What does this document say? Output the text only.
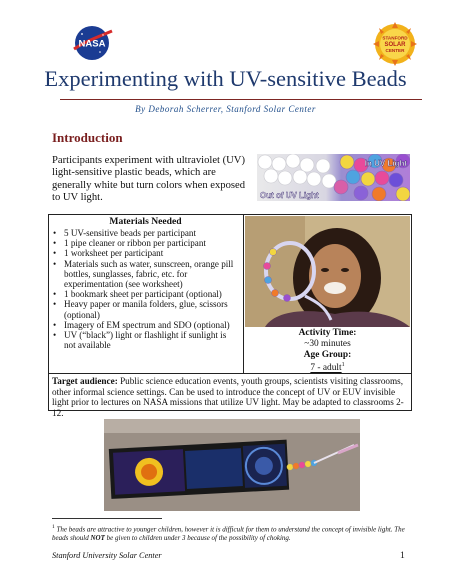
NASA
STANFORD
SOLAR
CENTER
Experimenting with UV-sensitive Beads
By Deborah Scherrer, Stanford Solar Center
Introduction
Participants experiment with ultraviolet (UV) light-sensitive plastic beads, which are generally white but turn colors when exposed to UV light.
In UV Light
Out of UV Light
Materials Needed
• 5 UV-sensitive beads per participant
• 1 pipe cleaner or ribbon per participant
• 1 worksheet per participant
• Materials such as water, sunscreen, orange pill bottles, sunglasses, fabric, etc. for experimentation (see worksheet)
• 1 bookmark sheet per participant (optional)
• Heavy paper or manila folders, glue, scissors (optional)
• Imagery of EM spectrum and SDO (optional)
• UV (“black”) light or flashlight if sunlight is not available
Activity Time:
~30 minutes
Age Group:
7 - adult$^1$
Target audience: Public science education events, youth groups, scientists visiting classrooms, other informal science settings. Can be used to introduce the concept of UV or EUV invisible light prior to lectures on NASA missions that utilize UV light. May be adapted to classrooms 2-12.
$^1$ The beads are attractive to younger children, however it is difficult for them to understand the concept of invisible light. The beads should NOT be given to children under 3 because of the possibility of choking.
Stanford University Solar Center	1
